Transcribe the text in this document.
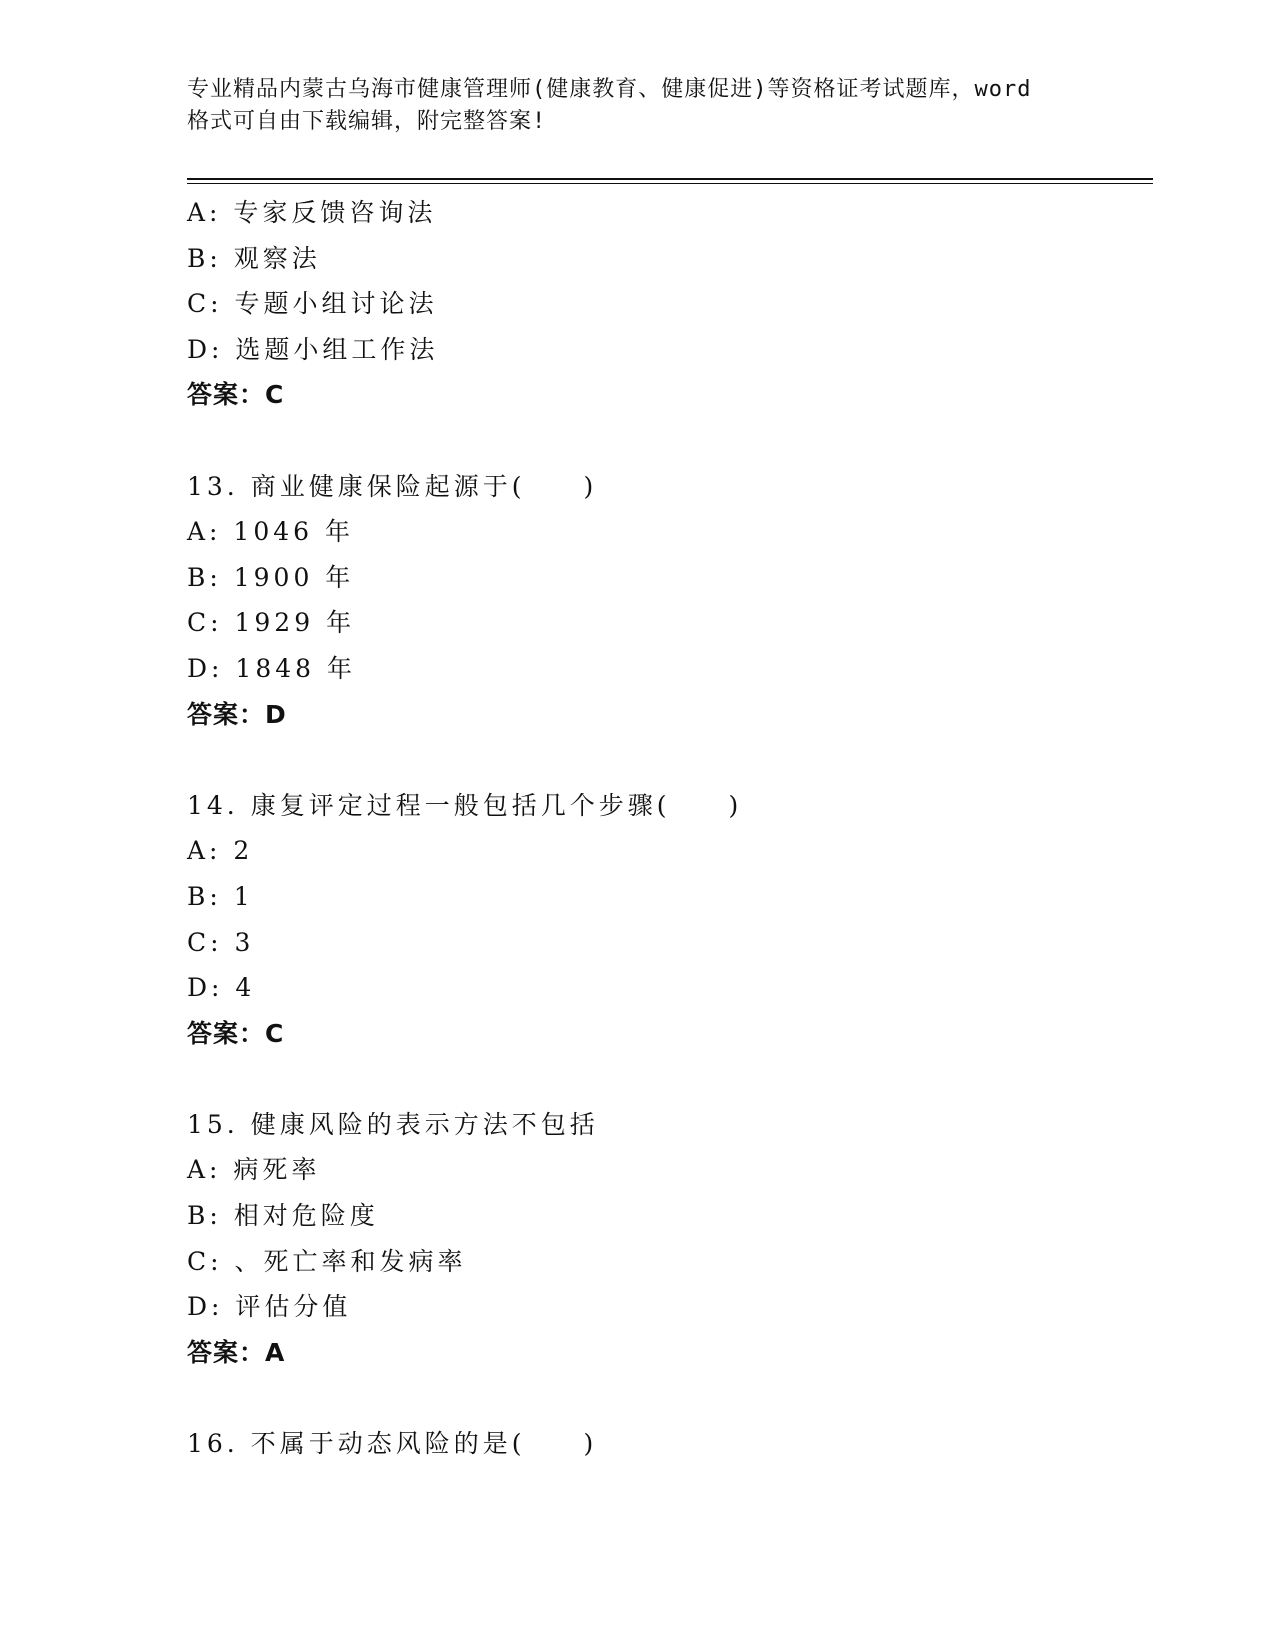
专业精品内蒙古乌海市健康管理师(健康教育、健康促进)等资格证考试题库，word
格式可自由下载编辑，附完整答案!
A: 专家反馈咨询法
B: 观察法
C: 专题小组讨论法
D: 选题小组工作法
答案：C
13. 商业健康保险起源于(　　)
A: 1046 年
B: 1900 年
C: 1929 年
D: 1848 年
答案：D
14. 康复评定过程一般包括几个步骤(　　)
A: 2
B: 1
C: 3
D: 4
答案：C
15. 健康风险的表示方法不包括
A: 病死率
B: 相对危险度
C: 、死亡率和发病率
D: 评估分值
答案：A
16. 不属于动态风险的是(　　)
